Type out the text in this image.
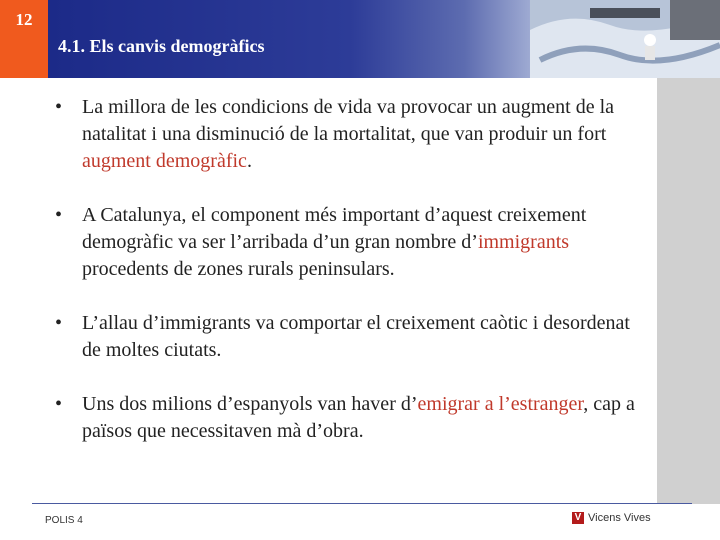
12
4.1. Els canvis demogràfics
• La millora de les condicions de vida va provocar un augment de la natalitat i una disminució de la mortalitat, que van produir un fort augment demogràfic.
• A Catalunya, el component més important d’aquest creixement demogràfic va ser l’arribada d’un gran nombre d’immigrants procedents de zones rurals peninsulars.
• L’allau d’immigrants va comportar el creixement caòtic i desordenat de moltes ciutats.
• Uns dos milions d’espanyols van haver d’emigrar a l’estranger, cap a països que necessitaven mà d’obra.
POLIS 4	V Vicens Vives
